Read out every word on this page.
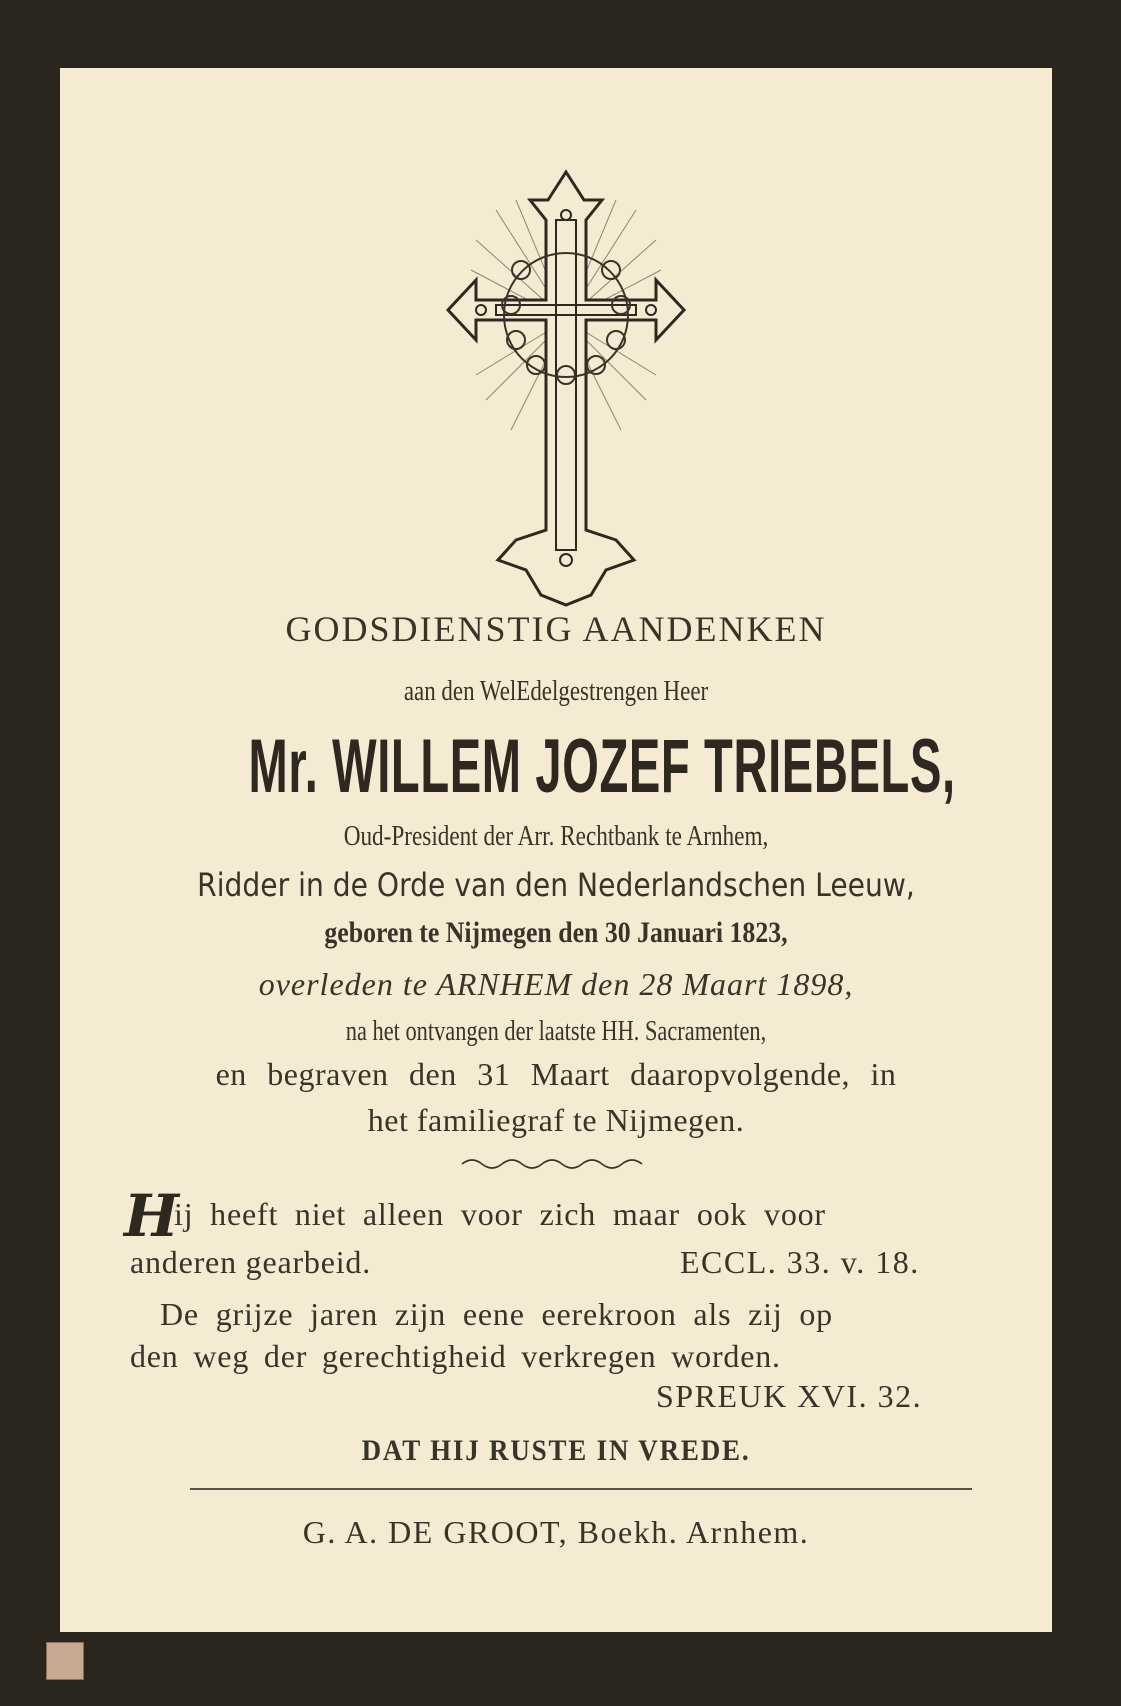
GODSDIENSTIG AANDENKEN
aan den WelEdelgestrengen Heer
Mr. WILLEM JOZEF TRIEBELS,
Oud-President der Arr. Rechtbank te Arnhem,
Ridder in de Orde van den Nederlandschen Leeuw,
geboren te Nijmegen den 30 Januari 1823,
overleden te ARNHEM den 28 Maart 1898,
na het ontvangen der laatste HH. Sacramenten,
en begraven den 31 Maart daaropvolgende, in
het familiegraf te Nijmegen.
H
ij heeft niet alleen voor zich maar ook voor
anderen gearbeid.	ECCL. 33. v. 18.
De grijze jaren zijn eene eerekroon als zij op
den weg der gerechtigheid verkregen worden.
SPREUK XVI. 32.
DAT HIJ RUSTE IN VREDE.
G. A. DE GROOT, Boekh. Arnhem.
